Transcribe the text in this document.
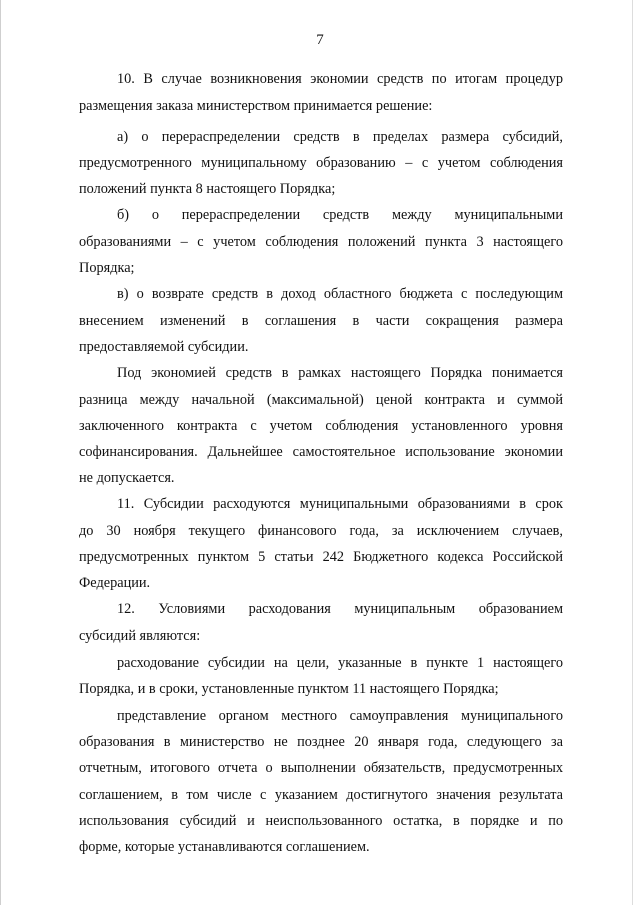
7
10. В случае возникновения экономии средств по итогам процедур
размещения заказа министерством принимается решение:
а) о перераспределении средств в пределах размера субсидий,
предусмотренного муниципальному образованию – с учетом соблюдения
положений пункта 8 настоящего Порядка;
б) о перераспределении средств между муниципальными
образованиями – с учетом соблюдения положений пункта 3 настоящего
Порядка;
в) о возврате средств в доход областного бюджета с последующим
внесением изменений в соглашения в части сокращения размера
предоставляемой субсидии.
Под экономией средств в рамках настоящего Порядка понимается
разница между начальной (максимальной) ценой контракта и суммой
заключенного контракта с учетом соблюдения установленного уровня
софинансирования. Дальнейшее самостоятельное использование экономии
не допускается.
11. Субсидии расходуются муниципальными образованиями в срок
до 30 ноября текущего финансового года, за исключением случаев,
предусмотренных пунктом 5 статьи 242 Бюджетного кодекса Российской
Федерации.
12. Условиями расходования муниципальным образованием
субсидий являются:
расходование субсидии на цели, указанные в пункте 1 настоящего
Порядка, и в сроки, установленные пунктом 11 настоящего Порядка;
представление органом местного самоуправления муниципального
образования в министерство не позднее 20 января года, следующего за
отчетным, итогового отчета о выполнении обязательств, предусмотренных
соглашением, в том числе с указанием достигнутого значения результата
использования субсидий и неиспользованного остатка, в порядке и по
форме, которые устанавливаются соглашением.
